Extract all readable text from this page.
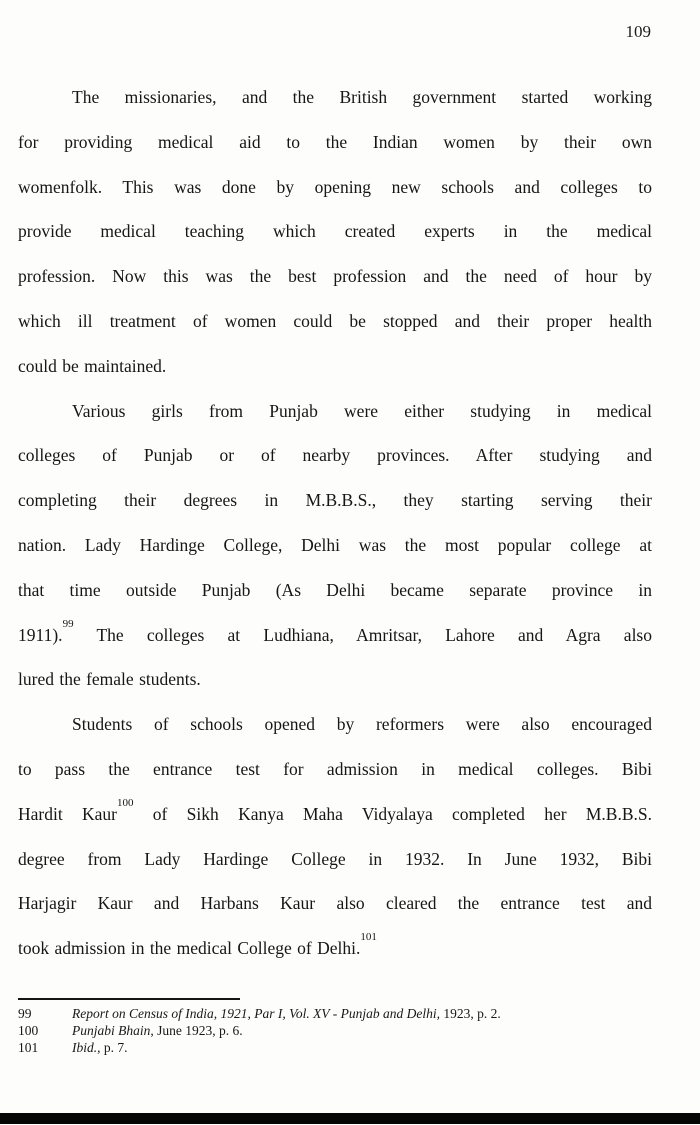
109
The missionaries, and the British government started working
for providing medical aid to the Indian women by their own
womenfolk. This was done by opening new schools and colleges to
provide medical teaching which created experts in the medical
profession. Now this was the best profession and the need of hour by
which ill treatment of women could be stopped and their proper health
could be maintained.
Various girls from Punjab were either studying in medical
colleges of Punjab or of nearby provinces. After studying and
completing their degrees in M.B.B.S., they starting serving their
nation. Lady Hardinge College, Delhi was the most popular college at
that time outside Punjab (As Delhi became separate province in
1911).$^{99}$ The colleges at Ludhiana, Amritsar, Lahore and Agra also
lured the female students.
Students of schools opened by reformers were also encouraged
to pass the entrance test for admission in medical colleges. Bibi
Hardit Kaur$^{100}$ of Sikh Kanya Maha Vidyalaya completed her M.B.B.S.
degree from Lady Hardinge College in 1932. In June 1932, Bibi
Harjagir Kaur and Harbans Kaur also cleared the entrance test and
took admission in the medical College of Delhi.$^{101}$
99	Report on Census of India, 1921, Par I, Vol. XV - Punjab and Delhi, 1923, p. 2.
100	Punjabi Bhain, June 1923, p. 6.
101	Ibid., p. 7.
